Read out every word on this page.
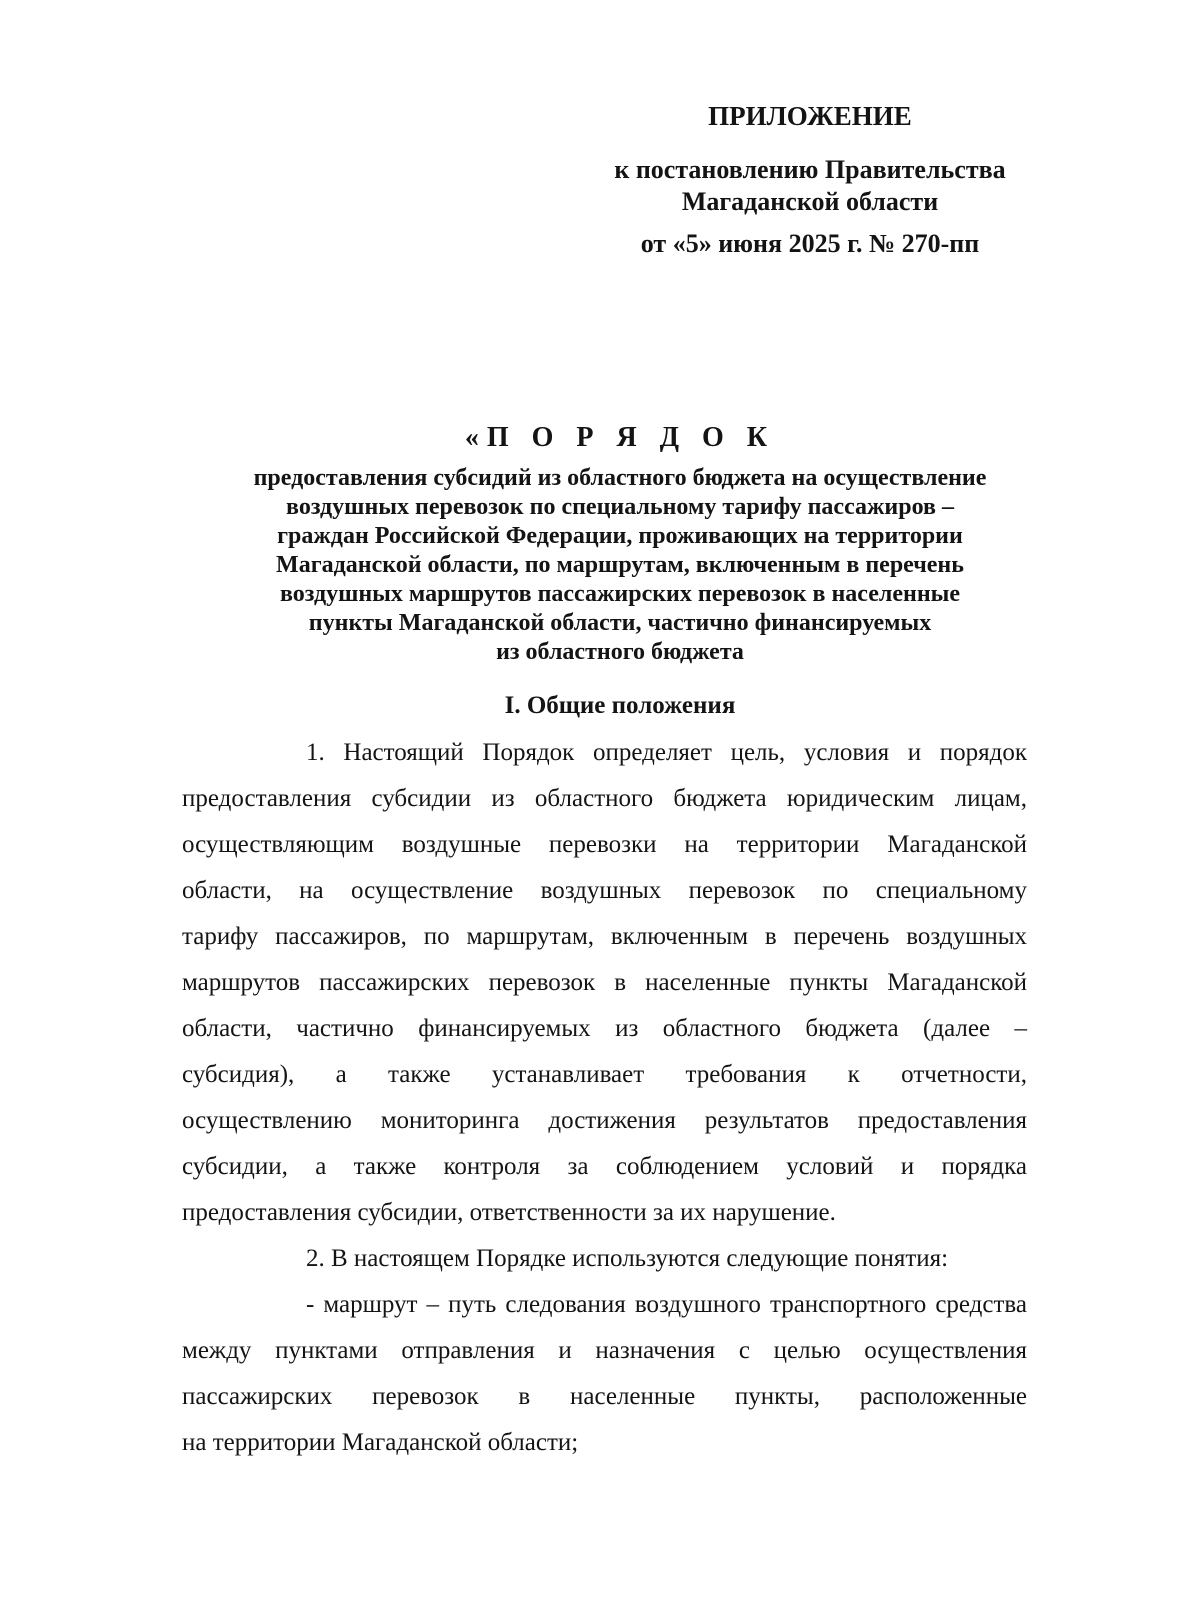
ПРИЛОЖЕНИЕ
к постановлению Правительства
Магаданской области
от «5» июня 2025 г. № 270-пп
«П О Р Я Д О К
предоставления субсидий из областного бюджета на осуществление
воздушных перевозок по специальному тарифу пассажиров –
граждан Российской Федерации, проживающих на территории
Магаданской области, по маршрутам, включенным в перечень
воздушных маршрутов пассажирских перевозок в населенные
пункты Магаданской области, частично финансируемых
из областного бюджета
I. Общие положения
1. Настоящий Порядок определяет цель, условия и порядок
предоставления субсидии из областного бюджета юридическим лицам,
осуществляющим воздушные перевозки на территории Магаданской
области, на осуществление воздушных перевозок по специальному
тарифу пассажиров, по маршрутам, включенным в перечень воздушных
маршрутов пассажирских перевозок в населенные пункты Магаданской
области, частично финансируемых из областного бюджета (далее –
субсидия), а также устанавливает требования к отчетности,
осуществлению мониторинга достижения результатов предоставления
субсидии, а также контроля за соблюдением условий и порядка
предоставления субсидии, ответственности за их нарушение.
2. В настоящем Порядке используются следующие понятия:
- маршрут – путь следования воздушного транспортного средства
между пунктами отправления и назначения с целью осуществления
пассажирских перевозок в населенные пункты, расположенные
на территории Магаданской области;
